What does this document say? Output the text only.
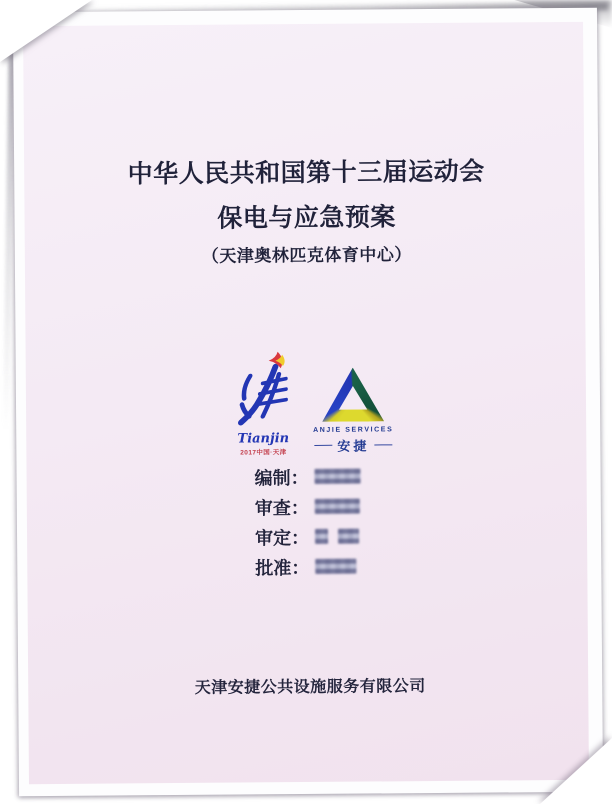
中华人民共和国第十三届运动会
保电与应急预案
（天津奥林匹克体育中心）
Tianjin
2017中国·天津
ANJIE SERVICES
安捷
编制：
审查：
审定：
批准：
天津安捷公共设施服务有限公司
